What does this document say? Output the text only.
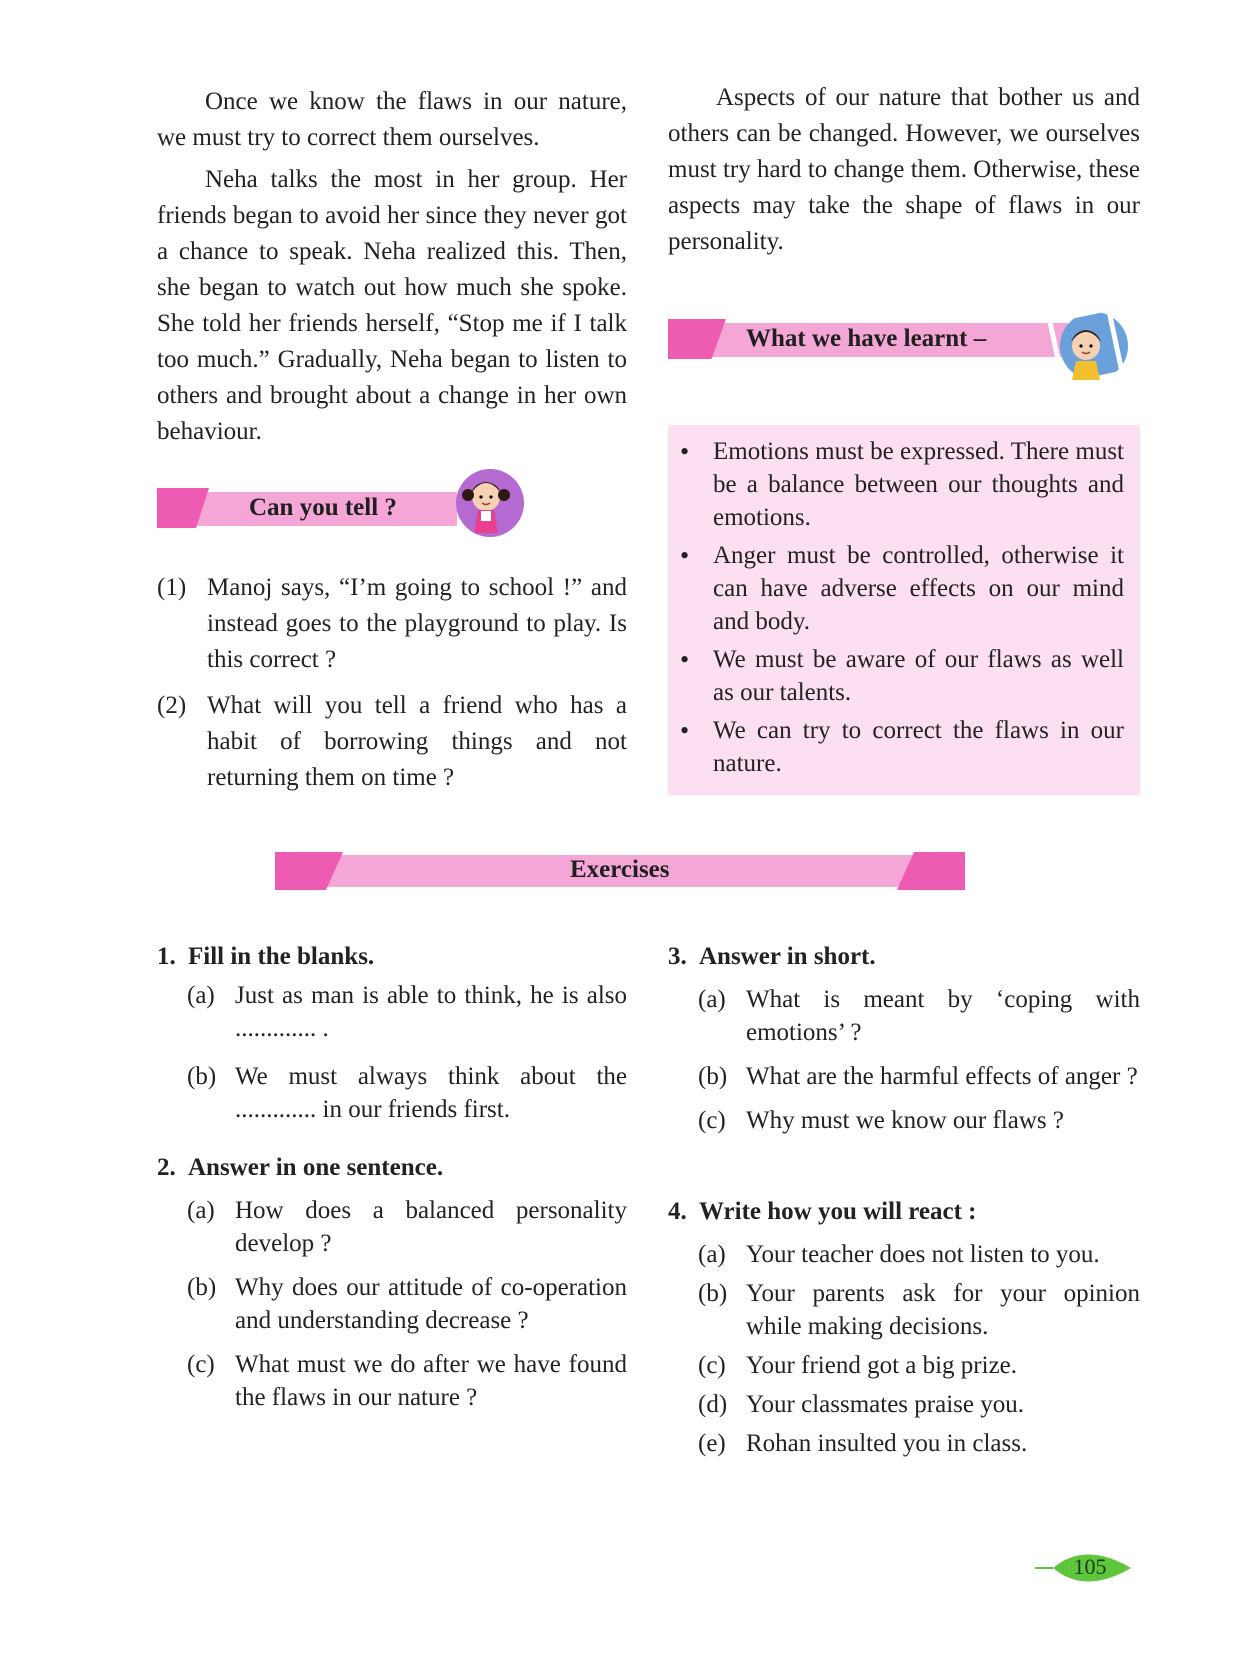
Once we know the flaws in our nature, we must try to correct them ourselves.

Neha talks the most in her group. Her friends began to avoid her since they never got a chance to speak. Neha realized this. Then, she began to watch out how much she spoke. She told her friends herself, “Stop me if I talk too much.” Gradually, Neha began to listen to others and brought about a change in her own behaviour.

Aspects of our nature that bother us and others can be changed. However, we ourselves must try hard to change them. Otherwise, these aspects may take the shape of flaws in our personality.

Can you tell ?
(1) Manoj says, “I’m going to school !” and instead goes to the playground to play. Is this correct ?
(2) What will you tell a friend who has a habit of borrowing things and not returning them on time ?
What we have learnt –
• Emotions must be expressed. There must be a balance between our thoughts and emotions.
• Anger must be controlled, otherwise it can have adverse effects on our mind and body.
• We must be aware of our flaws as well as our talents.
• We can try to correct the flaws in our nature.
Exercises
1. Fill in the blanks.
(a) Just as man is able to think, he is also ............. .
(b) We must always think about the ............. in our friends first.
2. Answer in one sentence.
(a) How does a balanced personality develop ?
(b) Why does our attitude of co-operation and understanding decrease ?
(c) What must we do after we have found the flaws in our nature ?
3. Answer in short.
(a) What is meant by ‘coping with emotions’ ?
(b) What are the harmful effects of anger ?
(c) Why must we know our flaws ?
4. Write how you will react :
(a) Your teacher does not listen to you.
(b) Your parents ask for your opinion while making decisions.
(c) Your friend got a big prize.
(d) Your classmates praise you.
(e) Rohan insulted you in class.
105
